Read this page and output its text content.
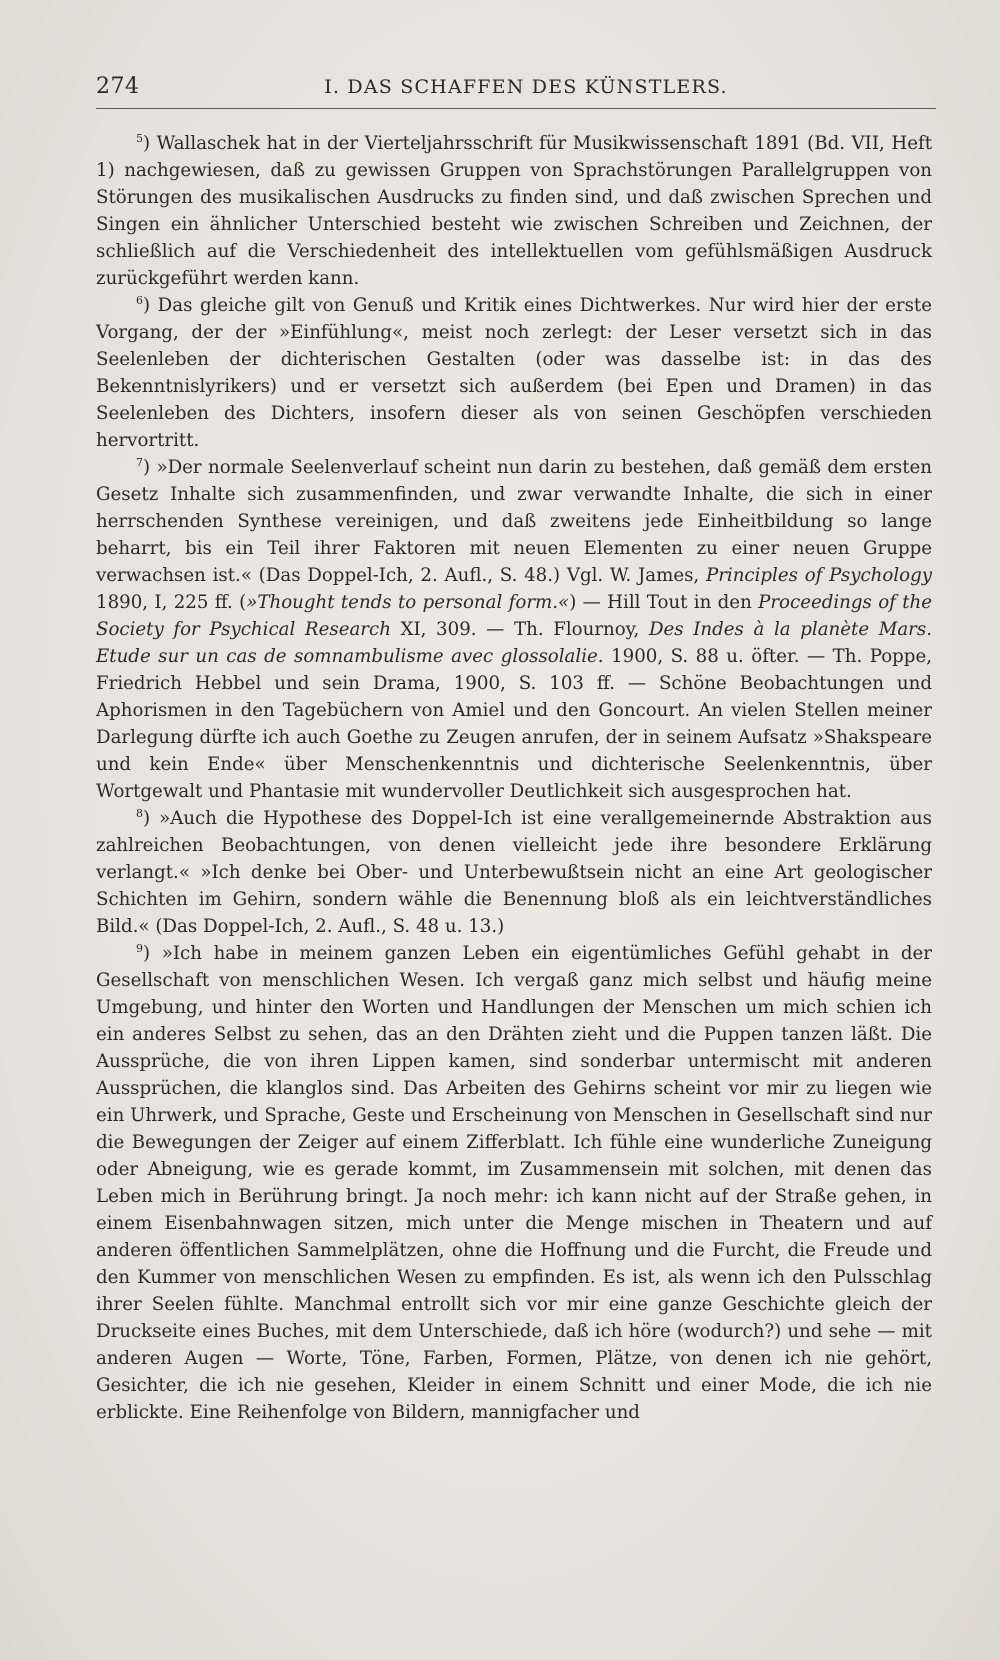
274	I. DAS SCHAFFEN DES KÜNSTLERS.

$^5$) Wallaschek hat in der Vierteljahrsschrift für Musikwissenschaft 1891 (Bd. VII, Heft 1) nachgewiesen, daß zu gewissen Gruppen von Sprachstörungen Parallelgruppen von Störungen des musikalischen Ausdrucks zu finden sind, und daß zwischen Sprechen und Singen ein ähnlicher Unterschied besteht wie zwischen Schreiben und Zeichnen, der schließlich auf die Verschiedenheit des intellektuellen vom gefühlsmäßigen Ausdruck zurückgeführt werden kann.

$^6$) Das gleiche gilt von Genuß und Kritik eines Dichtwerkes. Nur wird hier der erste Vorgang, der der »Einfühlung«, meist noch zerlegt: der Leser versetzt sich in das Seelenleben der dichterischen Gestalten (oder was dasselbe ist: in das des Bekenntnislyrikers) und er versetzt sich außerdem (bei Epen und Dramen) in das Seelenleben des Dichters, insofern dieser als von seinen Geschöpfen verschieden hervortritt.

$^7$) »Der normale Seelenverlauf scheint nun darin zu bestehen, daß gemäß dem ersten Gesetz Inhalte sich zusammenfinden, und zwar verwandte Inhalte, die sich in einer herrschenden Synthese vereinigen, und daß zweitens jede Einheitbildung so lange beharrt, bis ein Teil ihrer Faktoren mit neuen Elementen zu einer neuen Gruppe verwachsen ist.« (Das Doppel-Ich, 2. Aufl., S. 48.) Vgl. W. James, Principles of Psychology 1890, I, 225 ff. (»Thought tends to personal form.«) — Hill Tout in den Proceedings of the Society for Psychical Research XI, 309. — Th. Flournoy, Des Indes à la planète Mars. Etude sur un cas de somnambulisme avec glossolalie. 1900, S. 88 u. öfter. — Th. Poppe, Friedrich Hebbel und sein Drama, 1900, S. 103 ff. — Schöne Beobachtungen und Aphorismen in den Tagebüchern von Amiel und den Goncourt. An vielen Stellen meiner Darlegung dürfte ich auch Goethe zu Zeugen anrufen, der in seinem Aufsatz »Shakspeare und kein Ende« über Menschenkenntnis und dichterische Seelenkenntnis, über Wortgewalt und Phantasie mit wundervoller Deutlichkeit sich ausgesprochen hat.

$^8$) »Auch die Hypothese des Doppel-Ich ist eine verallgemeinernde Abstraktion aus zahlreichen Beobachtungen, von denen vielleicht jede ihre besondere Erklärung verlangt.« »Ich denke bei Ober- und Unterbewußtsein nicht an eine Art geologischer Schichten im Gehirn, sondern wähle die Benennung bloß als ein leichtverständliches Bild.« (Das Doppel-Ich, 2. Aufl., S. 48 u. 13.)

$^9$) »Ich habe in meinem ganzen Leben ein eigentümliches Gefühl gehabt in der Gesellschaft von menschlichen Wesen. Ich vergaß ganz mich selbst und häufig meine Umgebung, und hinter den Worten und Handlungen der Menschen um mich schien ich ein anderes Selbst zu sehen, das an den Drähten zieht und die Puppen tanzen läßt. Die Aussprüche, die von ihren Lippen kamen, sind sonderbar untermischt mit anderen Aussprüchen, die klanglos sind. Das Arbeiten des Gehirns scheint vor mir zu liegen wie ein Uhrwerk, und Sprache, Geste und Erscheinung von Menschen in Gesellschaft sind nur die Bewegungen der Zeiger auf einem Zifferblatt. Ich fühle eine wunderliche Zuneigung oder Abneigung, wie es gerade kommt, im Zusammensein mit solchen, mit denen das Leben mich in Berührung bringt. Ja noch mehr: ich kann nicht auf der Straße gehen, in einem Eisenbahnwagen sitzen, mich unter die Menge mischen in Theatern und auf anderen öffentlichen Sammelplätzen, ohne die Hoffnung und die Furcht, die Freude und den Kummer von menschlichen Wesen zu empfinden. Es ist, als wenn ich den Pulsschlag ihrer Seelen fühlte. Manchmal entrollt sich vor mir eine ganze Geschichte gleich der Druckseite eines Buches, mit dem Unterschiede, daß ich höre (wodurch?) und sehe — mit anderen Augen — Worte, Töne, Farben, Formen, Plätze, von denen ich nie gehört, Gesichter, die ich nie gesehen, Kleider in einem Schnitt und einer Mode, die ich nie erblickte. Eine Reihenfolge von Bildern, mannigfacher und
